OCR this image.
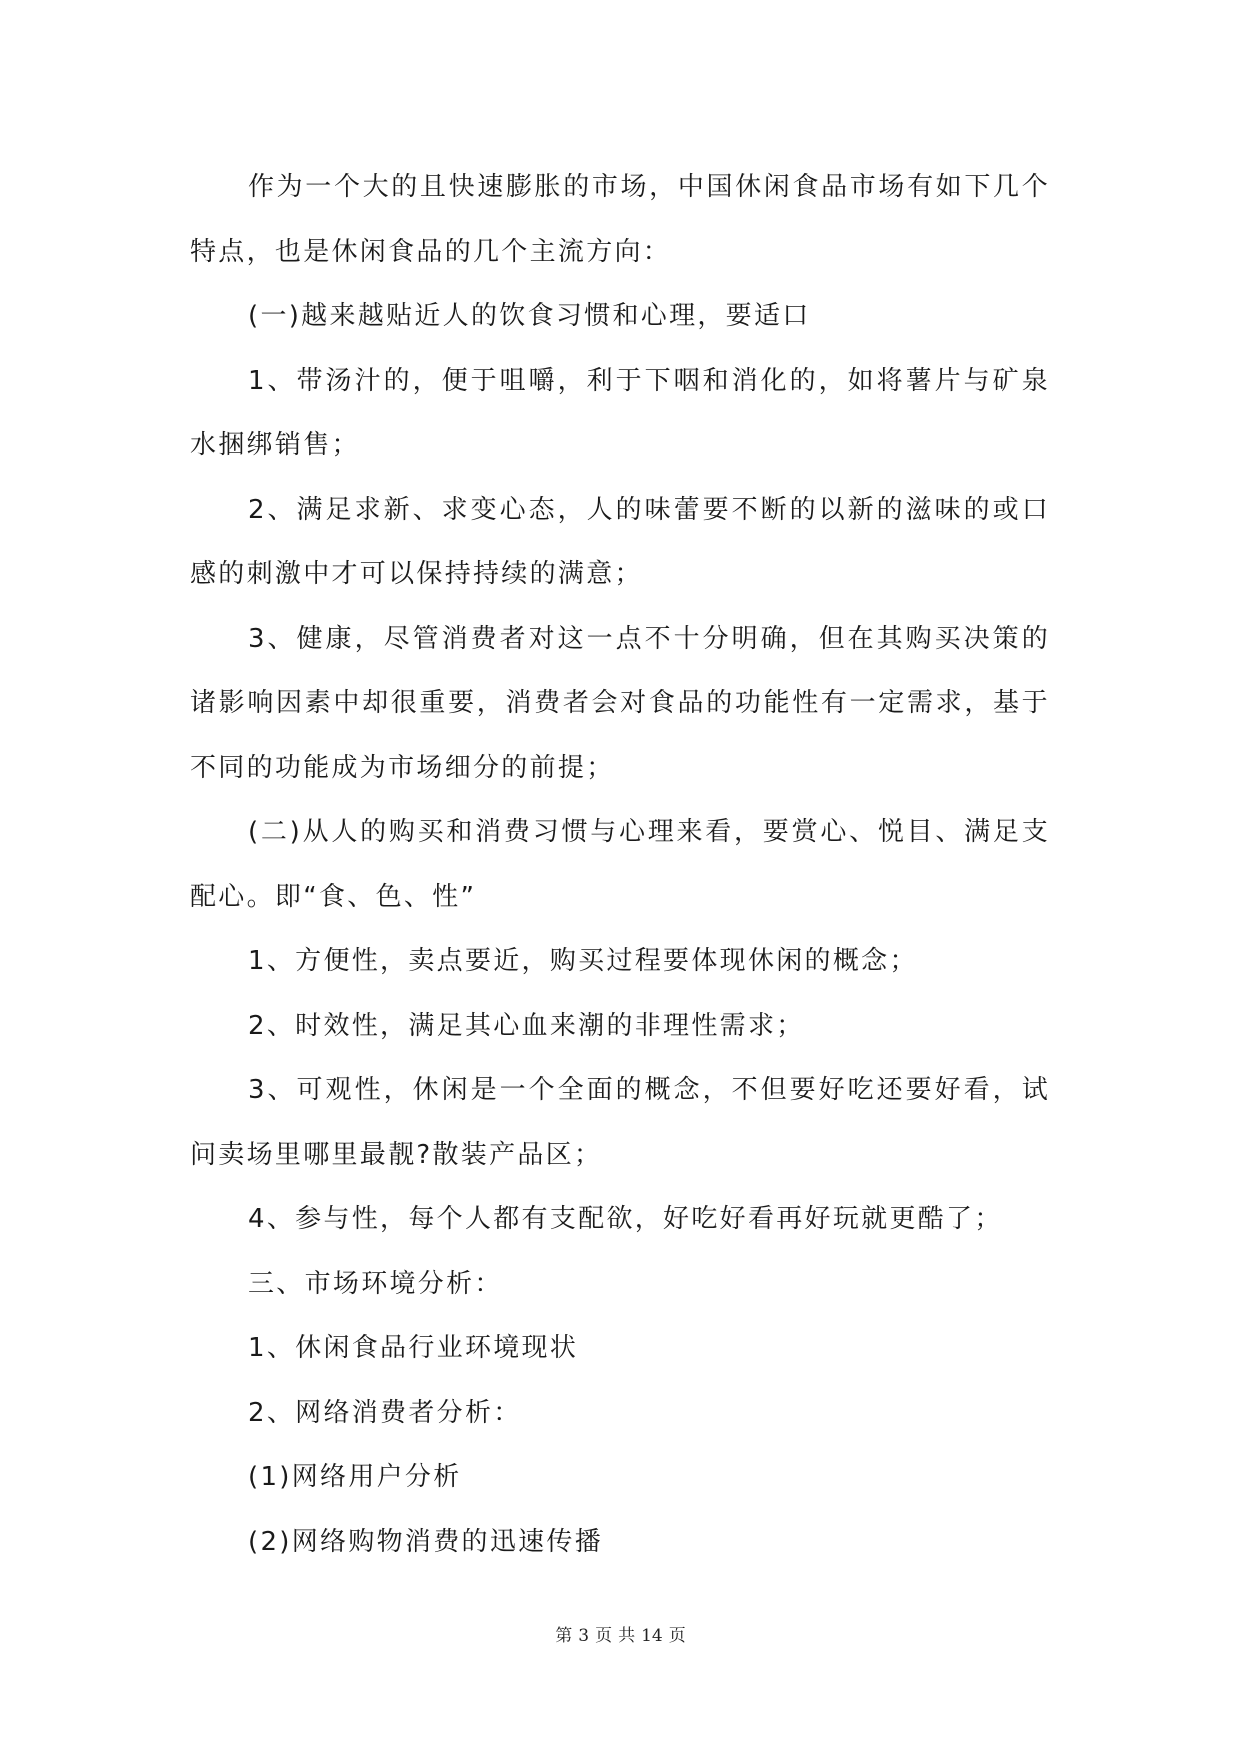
作为一个大的且快速膨胀的市场，中国休闲食品市场有如下几个特点，也是休闲食品的几个主流方向：

(一)越来越贴近人的饮食习惯和心理，要适口

1、带汤汁的，便于咀嚼，利于下咽和消化的，如将薯片与矿泉水捆绑销售；

2、满足求新、求变心态，人的味蕾要不断的以新的滋味的或口感的刺激中才可以保持持续的满意；

3、健康，尽管消费者对这一点不十分明确，但在其购买决策的诸影响因素中却很重要，消费者会对食品的功能性有一定需求，基于不同的功能成为市场细分的前提；

(二)从人的购买和消费习惯与心理来看，要赏心、悦目、满足支配心。即“食、色、性”

1、方便性，卖点要近，购买过程要体现休闲的概念；

2、时效性，满足其心血来潮的非理性需求；

3、可观性，休闲是一个全面的概念，不但要好吃还要好看，试问卖场里哪里最靓?散装产品区；

4、参与性，每个人都有支配欲，好吃好看再好玩就更酷了；

三、市场环境分析：

1、休闲食品行业环境现状

2、网络消费者分析：

(1)网络用户分析

(2)网络购物消费的迅速传播

第 3 页 共 14 页
